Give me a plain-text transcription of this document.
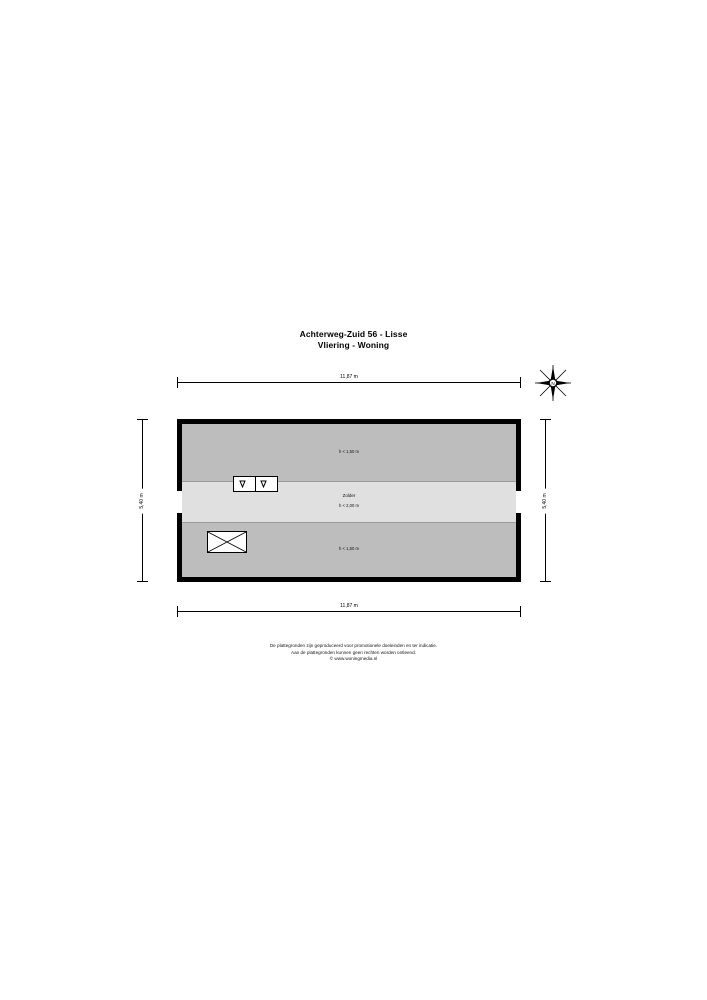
Achterweg-Zuid 56 - Lisse
Vliering - Woning
N
11,87 m
11,87 m
5,40 m	5,40 m
h < 1,50 m
Zolder
h < 2,00 m
h < 1,50 m
De plattegronden zijn geproduceerd voor promotionele doeleinden en ter indicatie.
Aan de plattegronden kunnen geen rechten worden ontleend.
© www.woningmedia.nl
